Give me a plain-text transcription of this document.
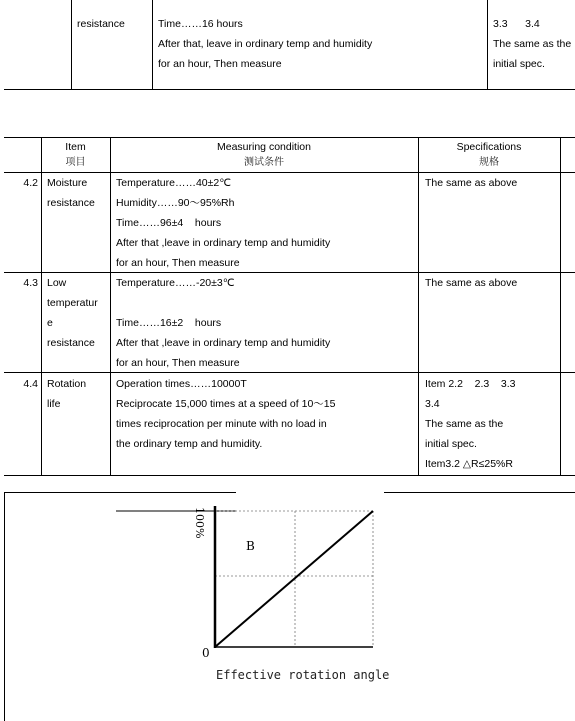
resistance	Time……16 hours
After that, leave in ordinary temp and humidity
for an hour, Then measure
3.3      3.4
The same as the
initial spec.
Item
项目
Measuring condition
测试条件
Specifications
规格
4.2 Moisture
resistance
Temperature……40±2℃
Humidity……90～95%Rh
Time……96±4    hours
After that ,leave in ordinary temp and humidity
for an hour, Then measure
The same as above
4.3 Low
temperatur
e
resistance
Temperature……-20±3℃
Time……16±2    hours
After that ,leave in ordinary temp and humidity
for an hour, Then measure
The same as above
4.4 Rotation
life
Operation times……10000T
Reciprocate 15,000 times at a speed of 10～15
times reciprocation per minute with no load in
the ordinary temp and humidity.
Item 2.2    2.3    3.3
3.4
The same as the
initial spec.
Item3.2 △R≤25%R
100%
B
0
Effective rotation angle
